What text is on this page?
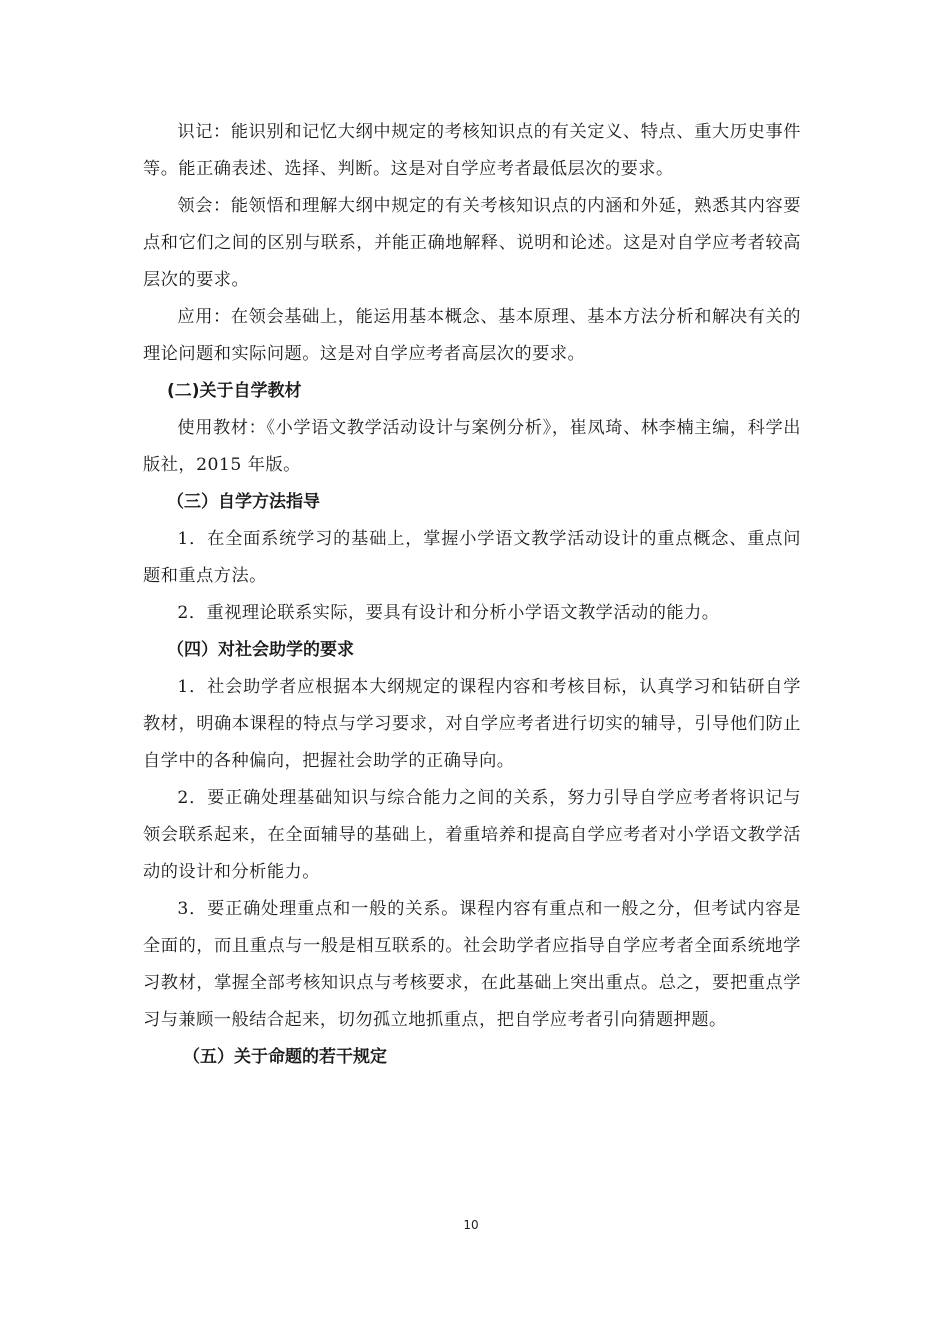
识记：能识别和记忆大纲中规定的考核知识点的有关定义、特点、重大历史事件等。能正确表述、选择、判断。这是对自学应考者最低层次的要求。

领会：能领悟和理解大纲中规定的有关考核知识点的内涵和外延，熟悉其内容要点和它们之间的区别与联系，并能正确地解释、说明和论述。这是对自学应考者较高层次的要求。

应用：在领会基础上，能运用基本概念、基本原理、基本方法分析和解决有关的理论问题和实际问题。这是对自学应考者高层次的要求。

(二)关于自学教材

使用教材：《小学语文教学活动设计与案例分析》，崔凤琦、林李楠主编，科学出版社，2015 年版。

（三）自学方法指导

1．在全面系统学习的基础上，掌握小学语文教学活动设计的重点概念、重点问题和重点方法。

2．重视理论联系实际，要具有设计和分析小学语文教学活动的能力。

（四）对社会助学的要求

1．社会助学者应根据本大纲规定的课程内容和考核目标，认真学习和钻研自学教材，明确本课程的特点与学习要求，对自学应考者进行切实的辅导，引导他们防止自学中的各种偏向，把握社会助学的正确导向。

2．要正确处理基础知识与综合能力之间的关系，努力引导自学应考者将识记与领会联系起来，在全面辅导的基础上，着重培养和提高自学应考者对小学语文教学活动的设计和分析能力。

3．要正确处理重点和一般的关系。课程内容有重点和一般之分，但考试内容是全面的，而且重点与一般是相互联系的。社会助学者应指导自学应考者全面系统地学习教材，掌握全部考核知识点与考核要求，在此基础上突出重点。总之，要把重点学习与兼顾一般结合起来，切勿孤立地抓重点，把自学应考者引向猜题押题。

（五）关于命题的若干规定

10
